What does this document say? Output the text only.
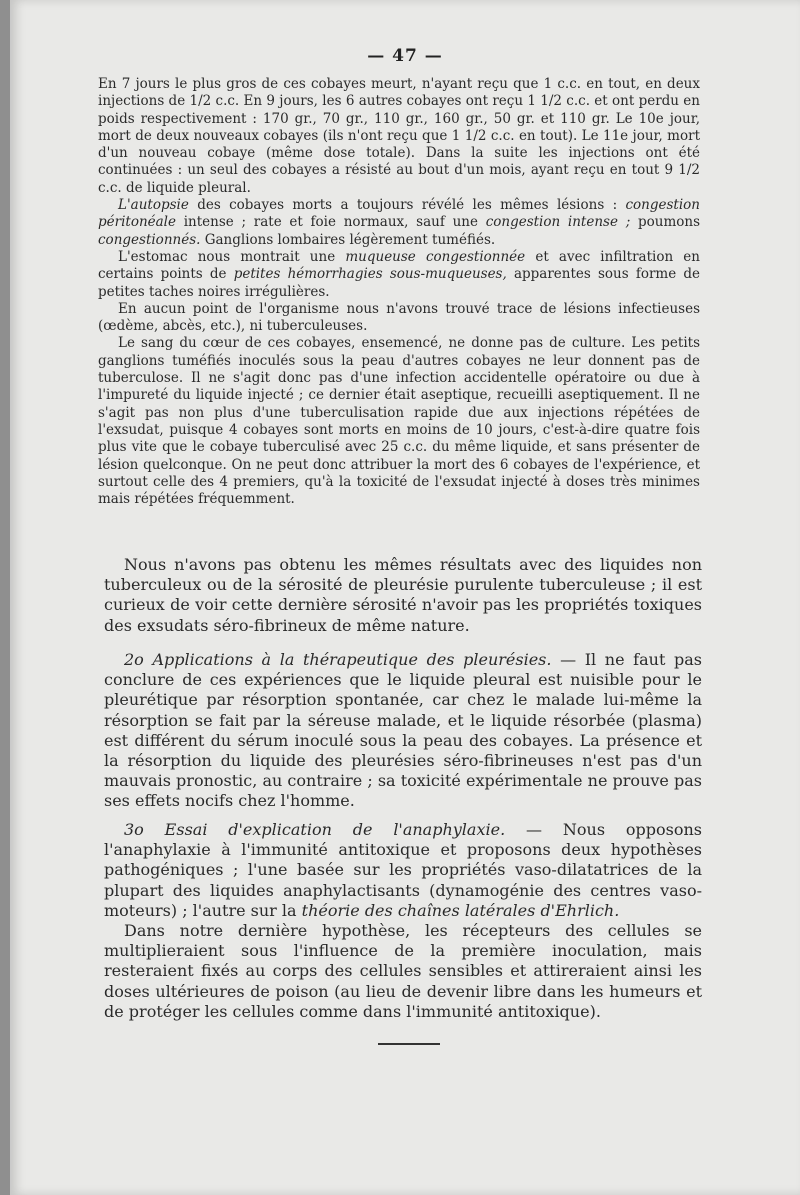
— 47 —

En 7 jours le plus gros de ces cobayes meurt, n'ayant reçu que 1 c.c. en tout, en deux injections de 1/2 c.c. En 9 jours, les 6 autres cobayes ont reçu 1 1/2 c.c. et ont perdu en poids respectivement : 170 gr., 70 gr., 110 gr., 160 gr., 50 gr. et 110 gr. Le 10e jour, mort de deux nouveaux cobayes (ils n'ont reçu que 1 1/2 c.c. en tout). Le 11e jour, mort d'un nouveau cobaye (même dose totale). Dans la suite les injections ont été continuées : un seul des cobayes a résisté au bout d'un mois, ayant reçu en tout 9 1/2 c.c. de liquide pleural.

L'autopsie des cobayes morts a toujours révélé les mêmes lésions : congestion péritonéale intense ; rate et foie normaux, sauf une congestion intense ; poumons congestionnés. Ganglions lombaires légèrement tuméfiés.

L'estomac nous montrait une muqueuse congestionnée et avec infiltration en certains points de petites hémorrhagies sous-muqueuses, apparentes sous forme de petites taches noires irrégulières.

En aucun point de l'organisme nous n'avons trouvé trace de lésions infectieuses (œdème, abcès, etc.), ni tuberculeuses.

Le sang du cœur de ces cobayes, ensemencé, ne donne pas de culture. Les petits ganglions tuméfiés inoculés sous la peau d'autres cobayes ne leur donnent pas de tuberculose. Il ne s'agit donc pas d'une infection accidentelle opératoire ou due à l'impureté du liquide injecté ; ce dernier était aseptique, recueilli aseptiquement. Il ne s'agit pas non plus d'une tuberculisation rapide due aux injections répétées de l'exsudat, puisque 4 cobayes sont morts en moins de 10 jours, c'est-à-dire quatre fois plus vite que le cobaye tuberculisé avec 25 c.c. du même liquide, et sans présenter de lésion quelconque. On ne peut donc attribuer la mort des 6 cobayes de l'expérience, et surtout celle des 4 premiers, qu'à la toxicité de l'exsudat injecté à doses très minimes mais répétées fréquemment.

Nous n'avons pas obtenu les mêmes résultats avec des liquides non tuberculeux ou de la sérosité de pleurésie purulente tuberculeuse ; il est curieux de voir cette dernière sérosité n'avoir pas les propriétés toxiques des exsudats séro-fibrineux de même nature.

2o Applications à la thérapeutique des pleurésies. — Il ne faut pas conclure de ces expériences que le liquide pleural est nuisible pour le pleurétique par résorption spontanée, car chez le malade lui-même la résorption se fait par la séreuse malade, et le liquide résorbée (plasma) est différent du sérum inoculé sous la peau des cobayes. La présence et la résorption du liquide des pleurésies séro-fibrineuses n'est pas d'un mauvais pronostic, au contraire ; sa toxicité expérimentale ne prouve pas ses effets nocifs chez l'homme.

3o Essai d'explication de l'anaphylaxie. — Nous opposons l'anaphylaxie à l'immunité antitoxique et proposons deux hypothèses pathogéniques ; l'une basée sur les propriétés vaso-dilatatrices de la plupart des liquides anaphylactisants (dynamogénie des centres vaso-moteurs) ; l'autre sur la théorie des chaînes latérales d'Ehrlich.

Dans notre dernière hypothèse, les récepteurs des cellules se multiplieraient sous l'influence de la première inoculation, mais resteraient fixés au corps des cellules sensibles et attireraient ainsi les doses ultérieures de poison (au lieu de devenir libre dans les humeurs et de protéger les cellules comme dans l'immunité antitoxique).
